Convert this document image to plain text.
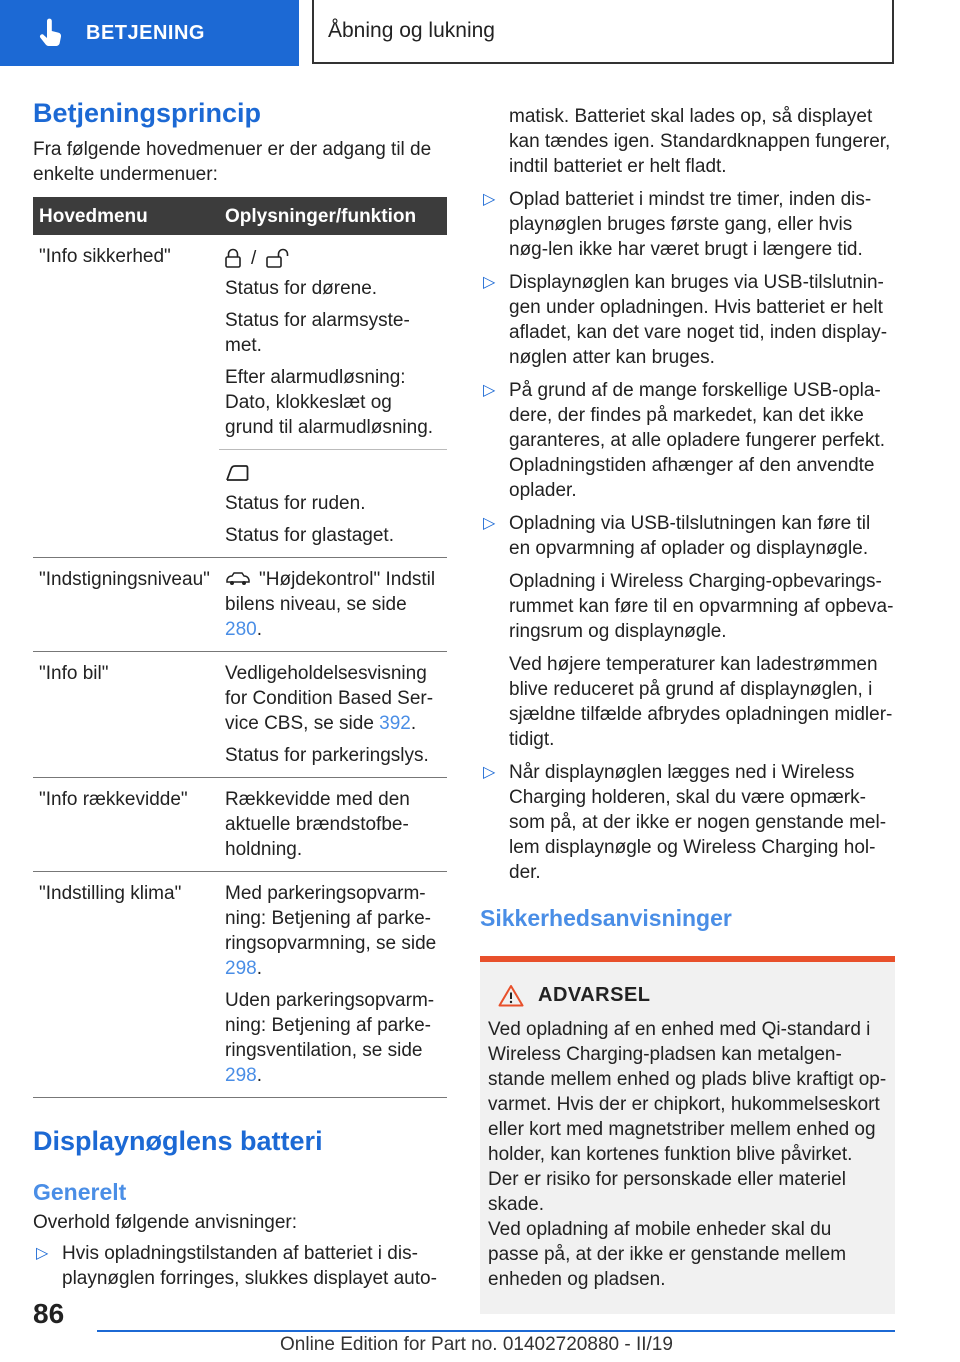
BETJENING	Åbning og lukning
Betjeningsprincip

Fra følgende hovedmenuer er der adgang til de enkelte undermenuer:

Hovedmenu	Oplysninger/funktion
"Info sikkerhed"	/
Status for dørene.
Status for alarmsyste-met.
Efter alarmudløsning: Dato, klokkeslæt og grund til alarmudløsning.

	Status for ruden.
Status for glastaget.

"Indstigningsniveau"	"Højdekontrol" Indstil bilens niveau, se side 280.

"Info bil"	Vedligeholdelsesvisning for Condition Based Ser-vice CBS, se side 392.
Status for parkeringslys.

"Info rækkevidde"	Rækkevidde med den aktuelle brændstofbe-holdning.

"Indstilling klima"	Med parkeringsopvarm-ning: Betjening af parke-ringsopvarmning, se side 298.
Uden parkeringsopvarm-ning: Betjening af parke-ringsventilation, se side 298.
Displaynøglens batteri
Generelt

Overhold følgende anvisninger:

▷ Hvis opladningstilstanden af batteriet i dis-playnøglen forringes, slukkes displayet auto-

matisk. Batteriet skal lades op, så displayet kan tændes igen. Standardknappen fungerer, indtil batteriet er helt fladt.

▷ Oplad batteriet i mindst tre timer, inden dis-playnøglen bruges første gang, eller hvis nøg-len ikke har været brugt i længere tid.
▷ Displaynøglen kan bruges via USB-tilslutnin-gen under opladningen. Hvis batteriet er helt afladet, kan det vare noget tid, inden display-nøglen atter kan bruges.
▷ På grund af de mange forskellige USB-opla-dere, der findes på markedet, kan det ikke garanteres, at alle opladere fungerer perfekt. Opladningstiden afhænger af den anvendte oplader.
▷ Opladning via USB-tilslutningen kan føre til en opvarmning af oplader og displaynøgle.
Opladning i Wireless Charging-opbevarings-rummet kan føre til en opvarmning af opbeva-ringsrum og displaynøgle.
Ved højere temperaturer kan ladestrømmen blive reduceret på grund af displaynøglen, i sjældne tilfælde afbrydes opladningen midler-tidigt.
▷ Når displaynøglen lægges ned i Wireless Charging holderen, skal du være opmærk-som på, at der ikke er nogen genstande mel-lem displaynøgle og Wireless Charging hol-der.
Sikkerhedsanvisninger
ADVARSEL

Ved opladning af en enhed med Qi-standard i Wireless Charging-pladsen kan metalgen-stande mellem enhed og plads blive kraftigt op-varmet. Hvis der er chipkort, hukommelseskort eller kort med magnetstriber mellem enhed og holder, kan kortenes funktion blive påvirket. Der er risiko for personskade eller materiel skade.

Ved opladning af mobile enheder skal du passe på, at der ikke er genstande mellem enheden og pladsen.

86
Online Edition for Part no. 01402720880 - II/19
